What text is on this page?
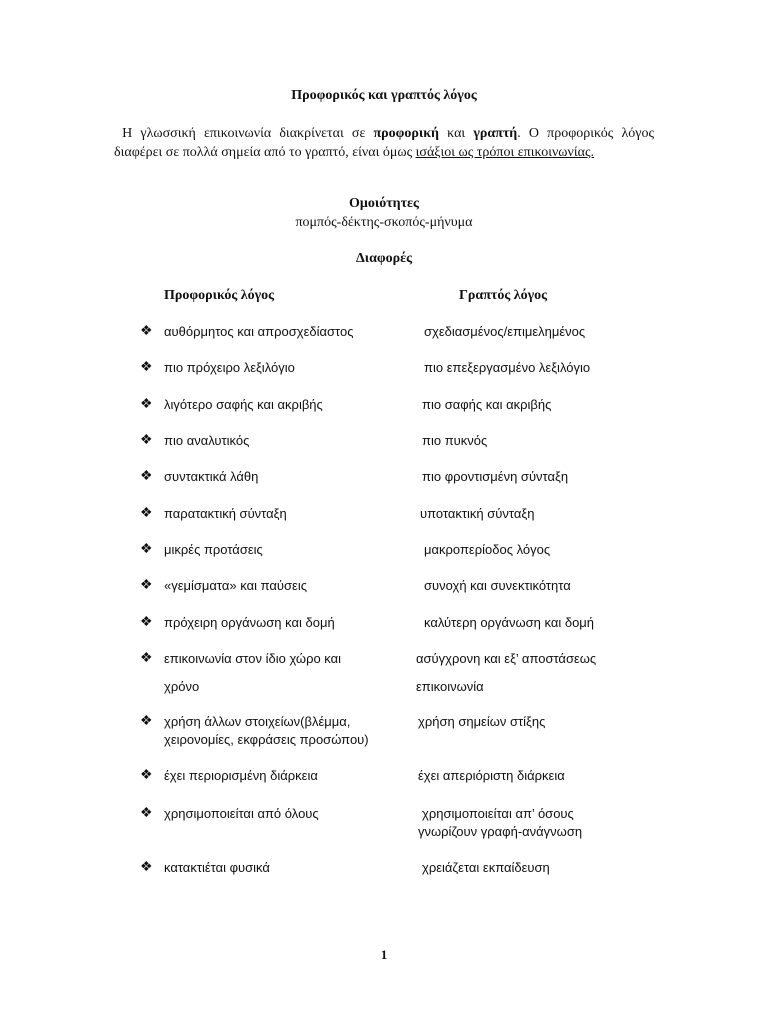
Προφορικός και γραπτός λόγος
Η γλωσσική επικοινωνία διακρίνεται σε προφορική και γραπτή. Ο προφορικός λόγος διαφέρει σε πολλά σημεία από το γραπτό, είναι όμως ισάξιοι ως τρόποι επικοινωνίας.
Ομοιότητες
πομπός-δέκτης-σκοπός-μήνυμα
Διαφορές
Προφορικός λόγος	Γραπτός λόγος
❖ αυθόρμητος και απροσχεδίαστος	σχεδιασμένος/επιμελημένος
❖ πιο πρόχειρο λεξιλόγιο	πιο επεξεργασμένο λεξιλόγιο
❖ λιγότερο σαφής και ακριβής	πιο σαφής και ακριβής
❖ πιο αναλυτικός	πιο πυκνός
❖ συντακτικά λάθη	πιο φροντισμένη σύνταξη
❖ παρατακτική σύνταξη	υποτακτική σύνταξη
❖ μικρές προτάσεις	μακροπερίοδος λόγος
❖ «γεμίσματα» και παύσεις	συνοχή και συνεκτικότητα
❖ πρόχειρη οργάνωση και δομή	καλύτερη οργάνωση και δομή
❖ επικοινωνία στον ίδιο χώρο και	ασύγχρονη και εξ’ αποστάσεως
χρόνο	επικοινωνία
❖ χρήση άλλων στοιχείων(βλέμμα,	χρήση σημείων στίξης
χειρονομίες, εκφράσεις προσώπου)
❖ έχει περιορισμένη διάρκεια	έχει απεριόριστη διάρκεια
❖ χρησιμοποιείται από όλους	χρησιμοποιείται απ’ όσους
γνωρίζουν γραφή-ανάγνωση
❖ κατακτιέται φυσικά	χρειάζεται εκπαίδευση
1
